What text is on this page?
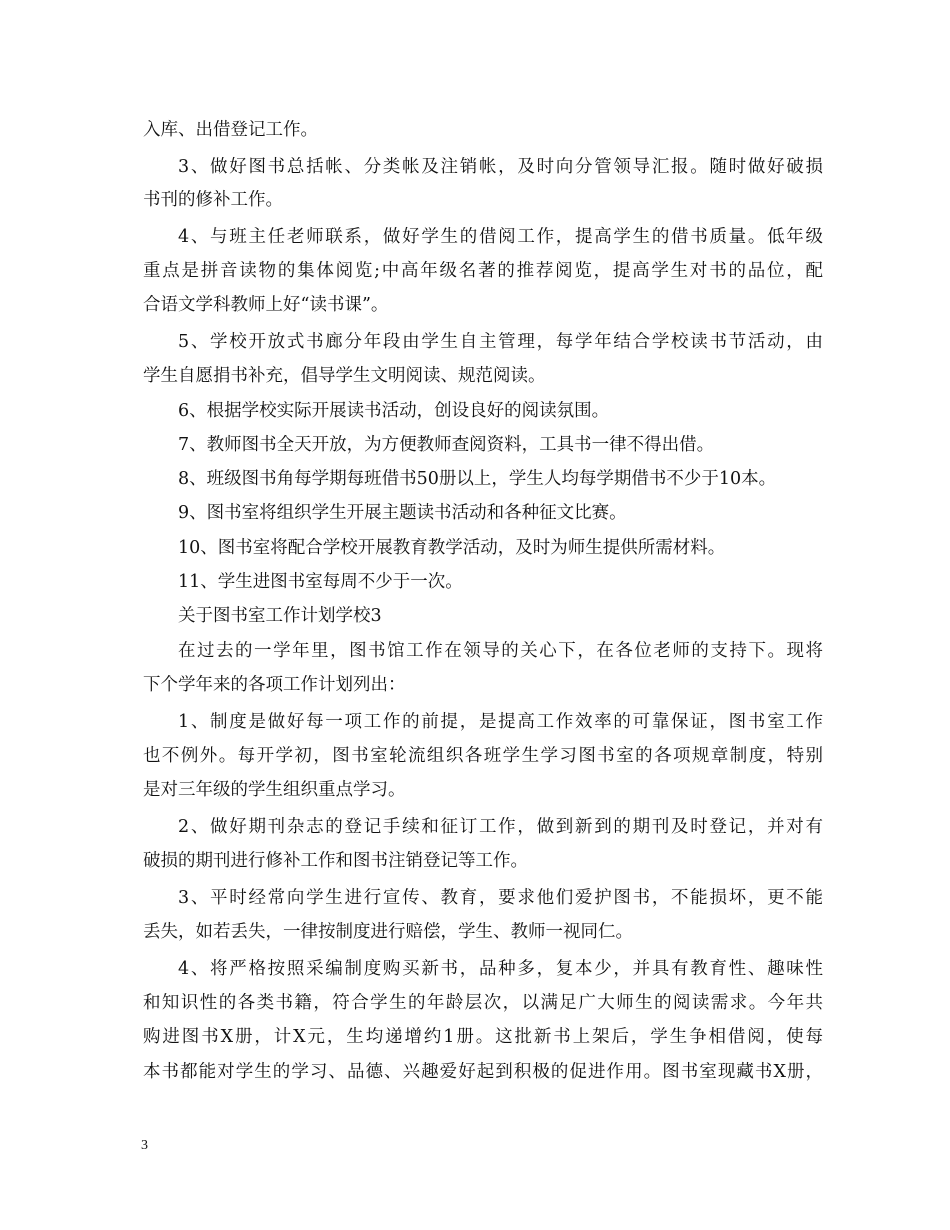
入库、出借登记工作。
3、做好图书总括帐、分类帐及注销帐，及时向分管领导汇报。随时做好破损
书刊的修补工作。
4、与班主任老师联系，做好学生的借阅工作，提高学生的借书质量。低年级
重点是拼音读物的集体阅览;中高年级名著的推荐阅览，提高学生对书的品位，配
合语文学科教师上好“读书课”。
5、学校开放式书廊分年段由学生自主管理，每学年结合学校读书节活动，由
学生自愿捐书补充，倡导学生文明阅读、规范阅读。
6、根据学校实际开展读书活动，创设良好的阅读氛围。
7、教师图书全天开放，为方便教师查阅资料，工具书一律不得出借。
8、班级图书角每学期每班借书50册以上，学生人均每学期借书不少于10本。
9、图书室将组织学生开展主题读书活动和各种征文比赛。
10、图书室将配合学校开展教育教学活动，及时为师生提供所需材料。
11、学生进图书室每周不少于一次。
关于图书室工作计划学校3
在过去的一学年里，图书馆工作在领导的关心下，在各位老师的支持下。现将
下个学年来的各项工作计划列出：
1、制度是做好每一项工作的前提，是提高工作效率的可靠保证，图书室工作
也不例外。每开学初，图书室轮流组织各班学生学习图书室的各项规章制度，特别
是对三年级的学生组织重点学习。
2、做好期刊杂志的登记手续和征订工作，做到新到的期刊及时登记，并对有
破损的期刊进行修补工作和图书注销登记等工作。
3、平时经常向学生进行宣传、教育，要求他们爱护图书，不能损坏，更不能
丢失，如若丢失，一律按制度进行赔偿，学生、教师一视同仁。
4、将严格按照采编制度购买新书，品种多，复本少，并具有教育性、趣味性
和知识性的各类书籍，符合学生的年龄层次，以满足广大师生的阅读需求。今年共
购进图书X册，计X元，生均递增约1册。这批新书上架后，学生争相借阅，使每
本书都能对学生的学习、品德、兴趣爱好起到积极的促进作用。图书室现藏书X册，
3
